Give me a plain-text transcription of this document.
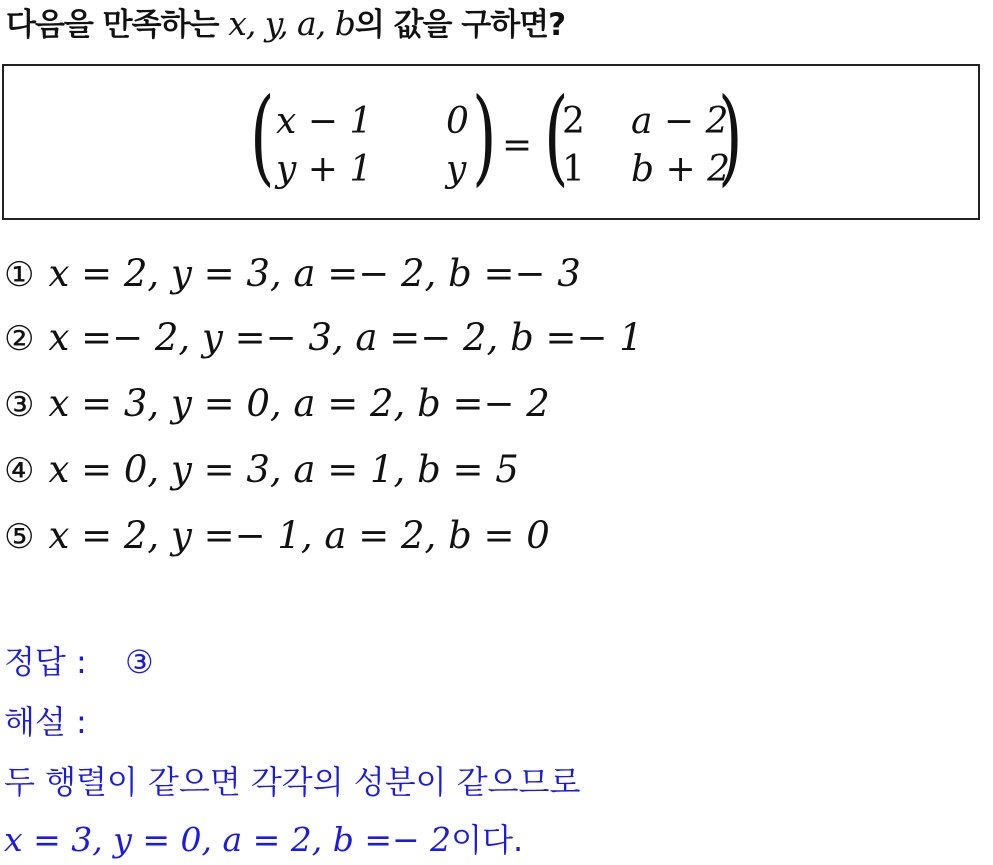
다음을 만족하는 x, y, a, b의 값을 구하면?
( x − 1 0
y + 1 y ) = (
2 a − 2
1 b + 2
)
① x = 2, y = 3, a =− 2, b =− 3
② x =− 2, y =− 3, a =− 2, b =− 1
③ x = 3, y = 0, a = 2, b =− 2
④ x = 0, y = 3, a = 1, b = 5
⑤ x = 2, y =− 1, a = 2, b = 0
정답 : ③
해설 :
두 행렬이 같으면 각각의 성분이 같으므로
x = 3, y = 0, a = 2, b =− 2이다.
